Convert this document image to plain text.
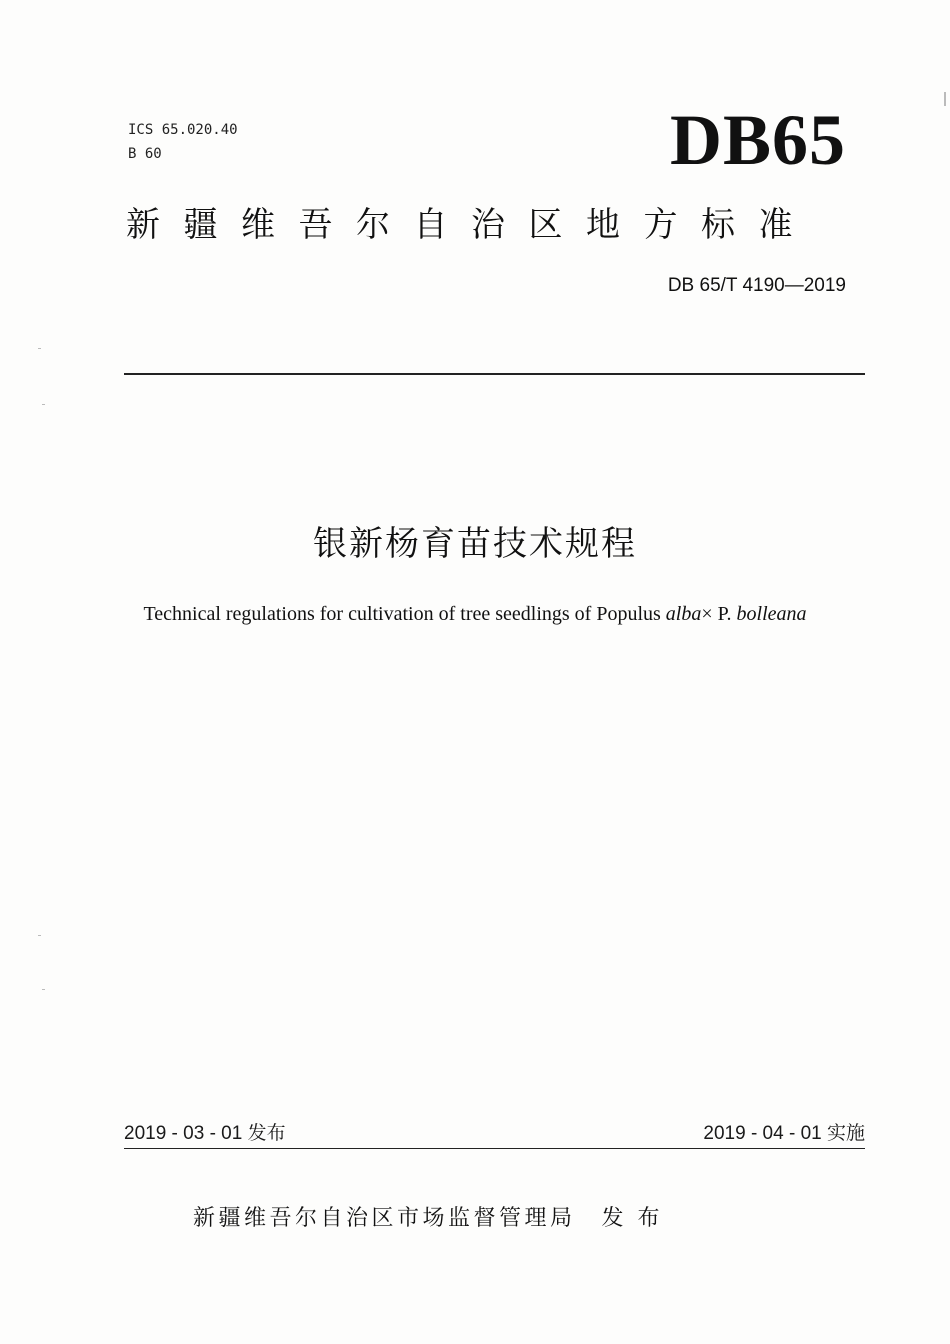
ICS 65.020.40
B 60	DB65
新疆维吾尔自治区地方标准
DB 65/T 4190—2019
银新杨育苗技术规程
Technical regulations for cultivation of tree seedlings of Populus alba× P. bolleana
2019 - 03 - 01 发布	2019 - 04 - 01 实施
新疆维吾尔自治区市场监督管理局 发 布
